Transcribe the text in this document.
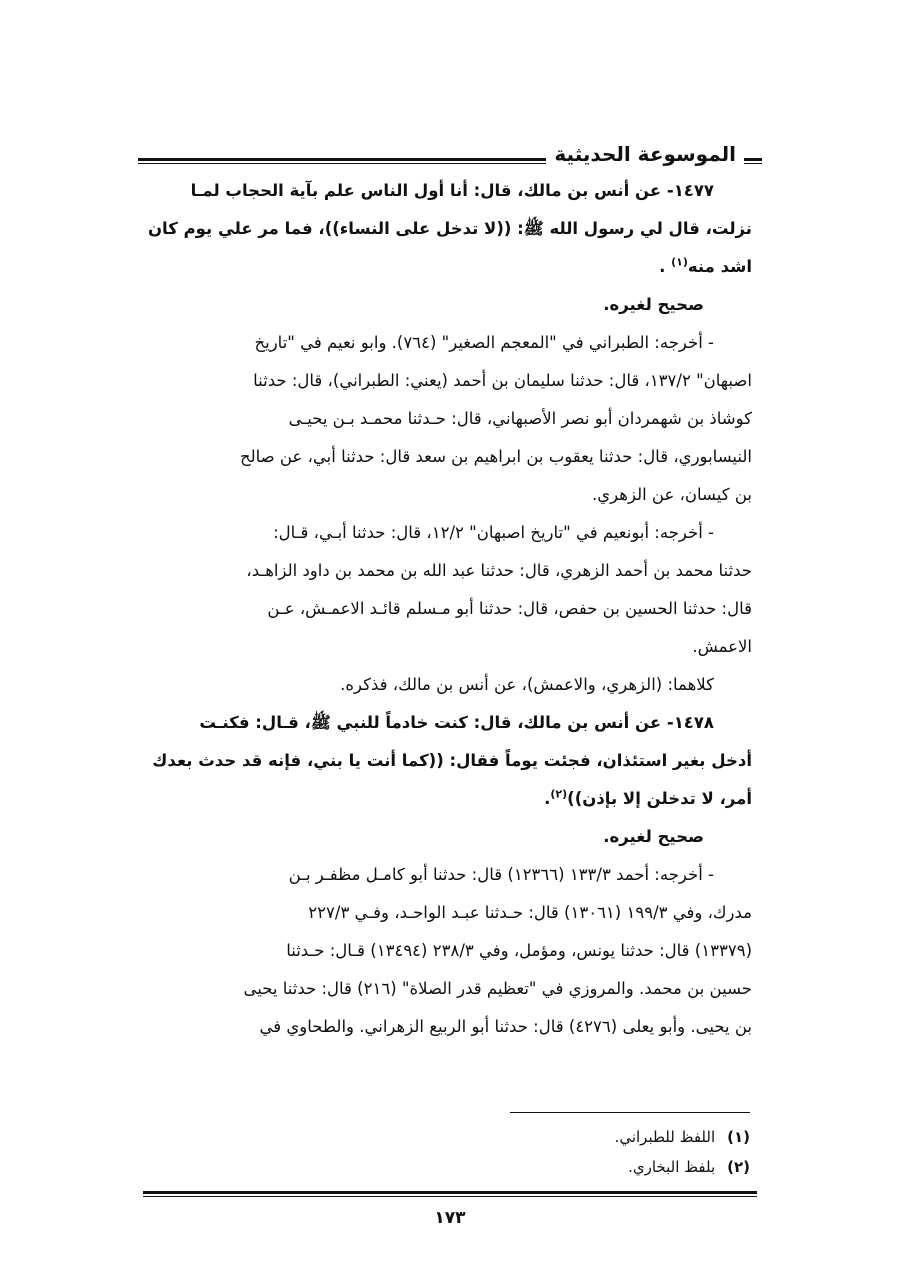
الموسوعة الحديثية

١٤٧٧- عن أنس بن مالك، قال: أنا أول الناس علم بآية الحجاب لمـا

نزلت، قال لي رسول الله ﷺ: ((لا تدخل على النساء))، فما مر علي يوم كان

اشد منه$^{(١)}$ .

صحيح لغيره.

- أخرجه: الطبراني في "المعجم الصغير" (٧٦٤). وابو نعيم في "تاريخ

اصبهان" ١٣٧/٢، قال: حدثنا سليمان بن أحمد (يعني: الطبراني)، قال: حدثنا

كوشاذ بن شهمردان أبو نصر الأصبهاني، قال: حـدثنا محمـد بـن يحيـى

النيسابوري، قال: حدثنا يعقوب بن ابراهيم بن سعد قال: حدثنا أبي، عن صالح

بن كيسان، عن الزهري.

- أخرجه: أبونعيم في "تاريخ اصبهان" ١٢/٢، قال: حدثنا أبـي، قـال:

حدثنا محمد بن أحمد الزهري، قال: حدثنا عبد الله بن محمد بن داود الزاهـد،

قال: حدثنا الحسين بن حفص، قال: حدثنا أبو مـسلم قائـد الاعمـش، عـن

الاعمش.

كلاهما: (الزهري، والاعمش)، عن أنس بن مالك، فذكره.

١٤٧٨- عن أنس بن مالك، قال: كنت خادماً للنبي ﷺ، قـال: فكنـت

أدخل بغير استئذان، فجئت يوماً فقال: ((كما أنت يا بني، فإنه قد حدث بعدك

أمر، لا تدخلن إلا بإذن))$^{(٢)}$.

صحيح لغيره.

- أخرجه: أحمد ١٣٣/٣ (١٢٣٦٦) قال: حدثنا أبو كامـل مظفـر بـن

مدرك، وفي ١٩٩/٣ (١٣٠٦١) قال: حـدثنا عبـد الواحـد، وفـي ٢٢٧/٣

(١٣٣٧٩) قال: حدثنا يونس، ومؤمل، وفي ٢٣٨/٣ (١٣٤٩٤) قـال: حـدثنا

حسين بن محمد. والمروزي في "تعظيم قدر الصلاة" (٢١٦) قال: حدثنا يحيى

بن يحيى. وأبو يعلى (٤٢٧٦) قال: حدثنا أبو الربيع الزهراني. والطحاوي في

(١)اللفظ للطبراني.
(٢)بلفظ البخاري.
١٧٣
